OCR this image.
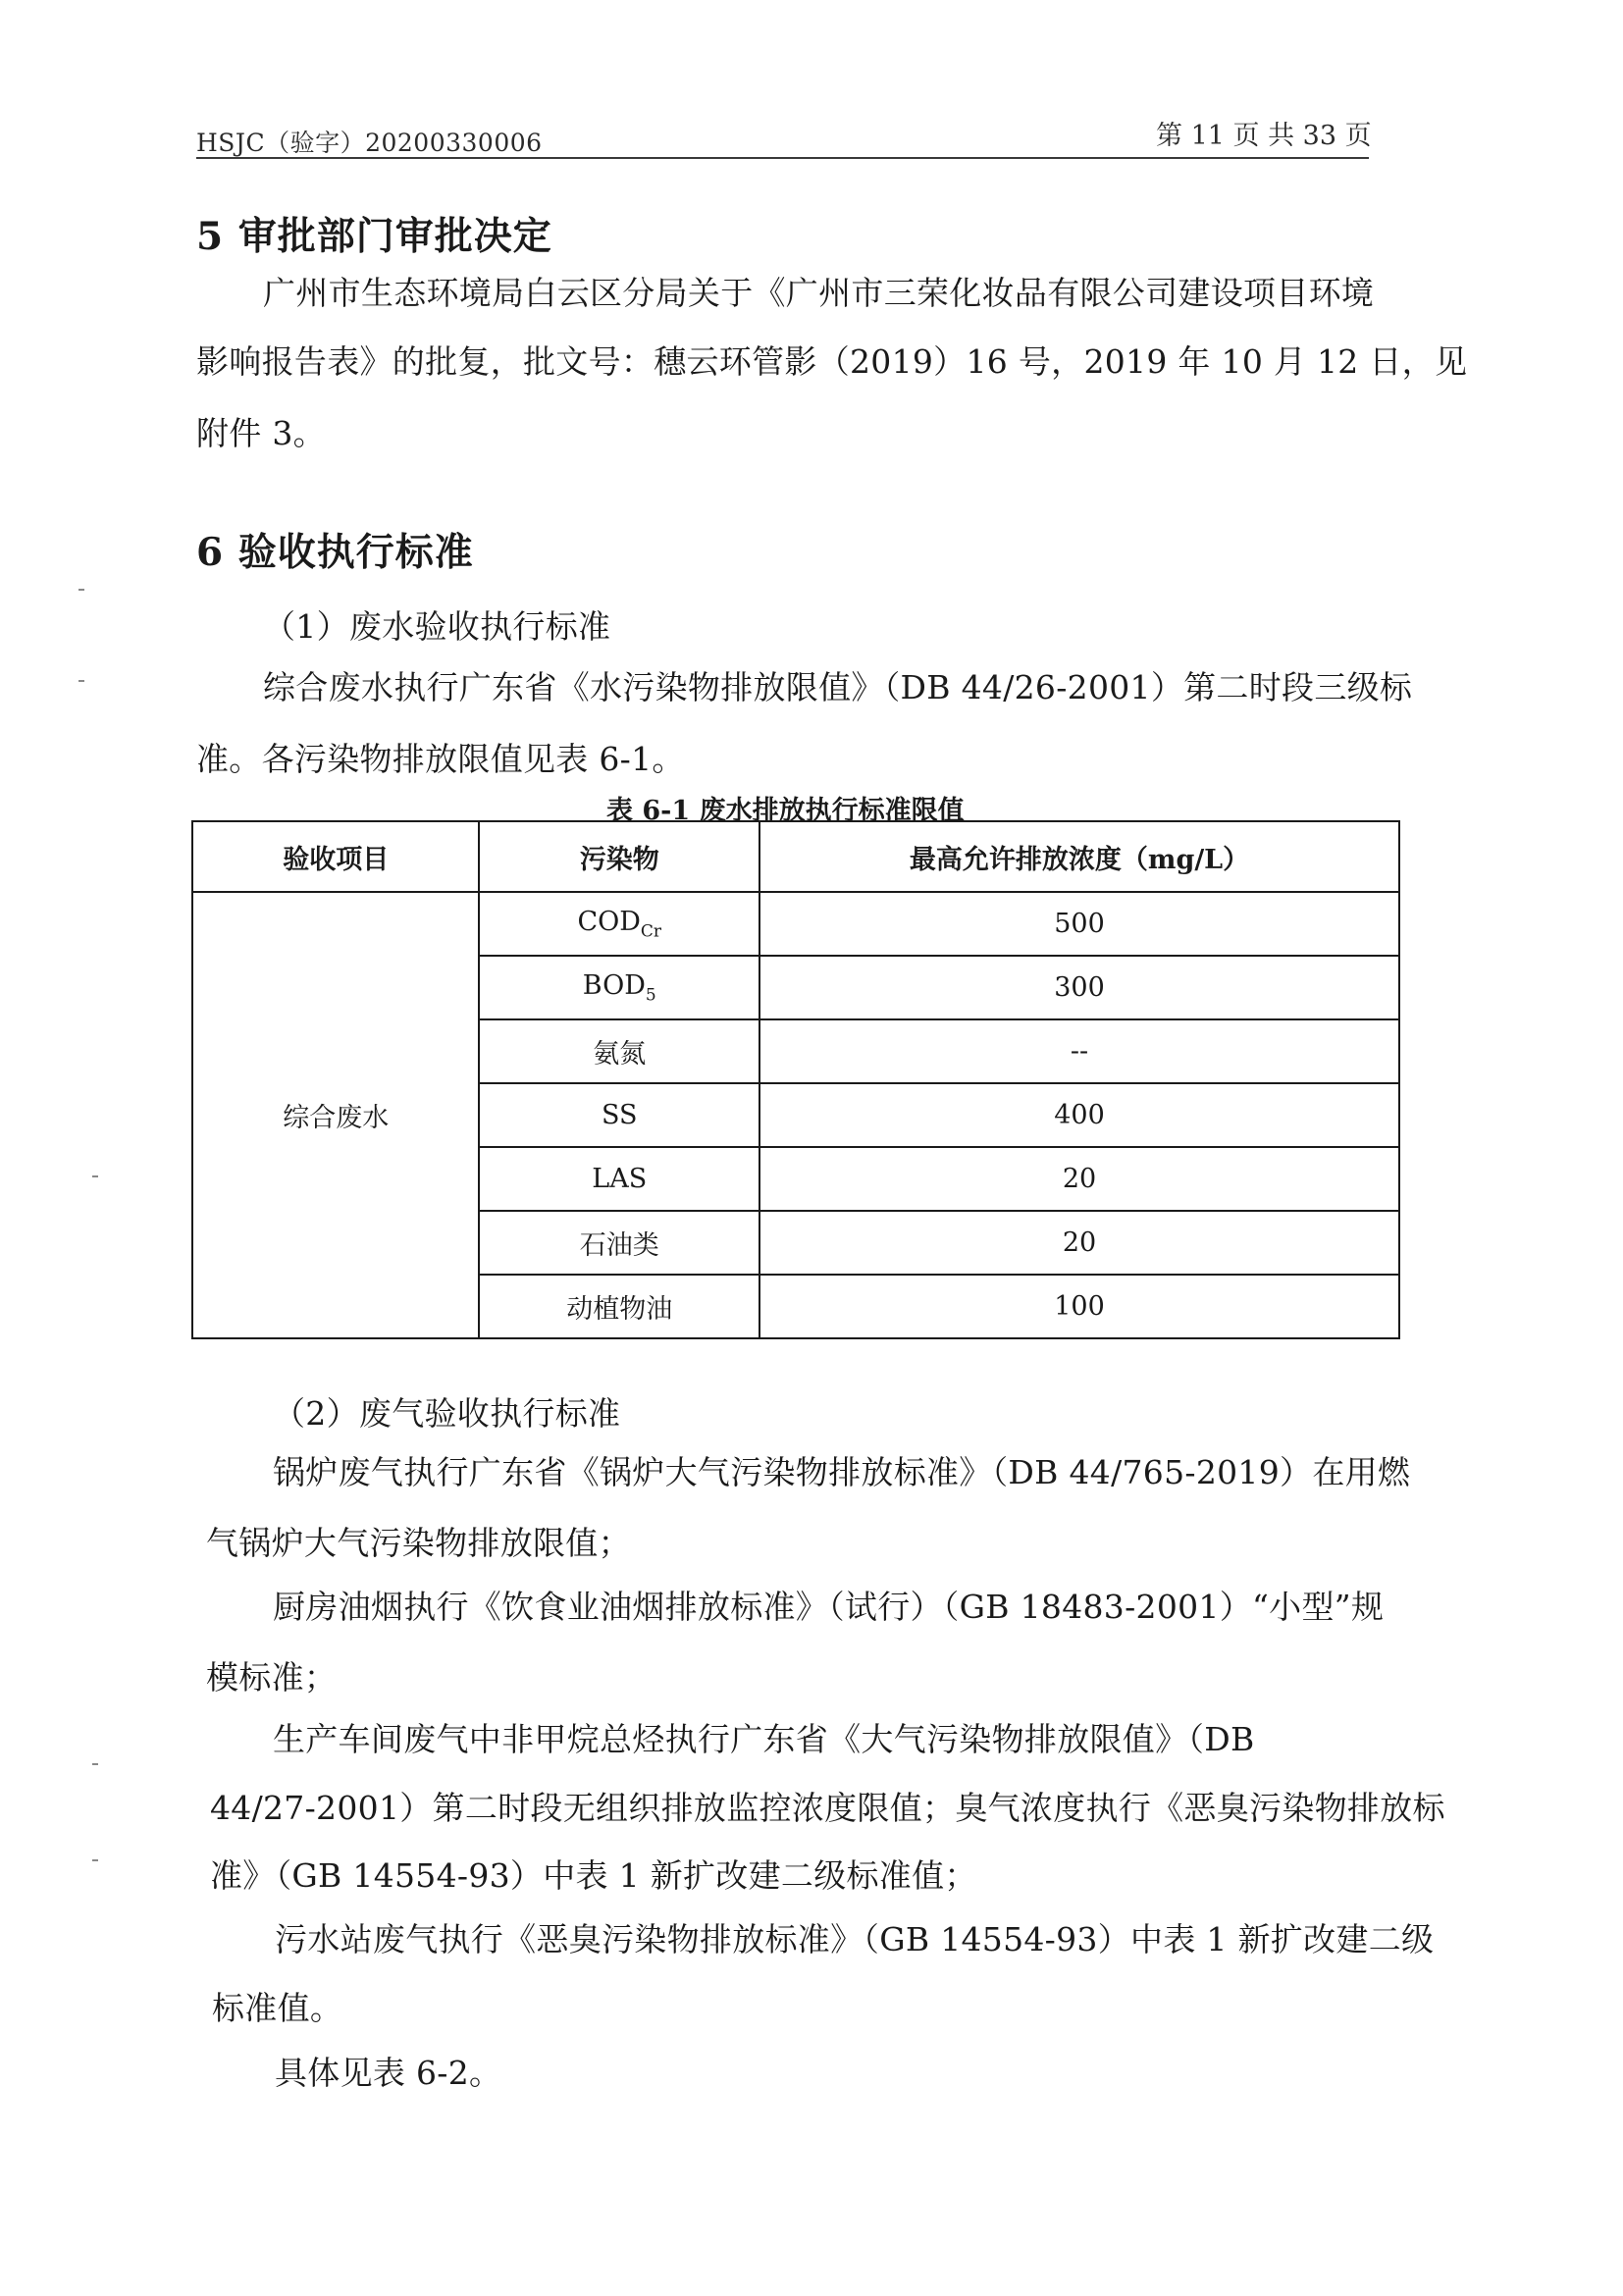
HSJC（验字）20200330006	第 11 页 共 33 页
5 审批部门审批决定
广州市生态环境局白云区分局关于《广州市三荣化妆品有限公司建设项目环境
影响报告表》的批复，批文号：穗云环管影（2019）16 号，2019 年 10 月 12 日，见
附件 3。
6 验收执行标准
（1）废水验收执行标准
综合废水执行广东省《水污染物排放限值》（DB 44/26-2001）第二时段三级标
准。各污染物排放限值见表 6-1。
表 6-1 废水排放执行标准限值
验收项目	污染物	最高允许排放浓度（mg/L）
综合废水	$COD_{Cr}$	500
	$BOD_5$	300
	氨氮	--
	SS	400
	LAS	20
	石油类	20
	动植物油	100
（2）废气验收执行标准
锅炉废气执行广东省《锅炉大气污染物排放标准》（DB 44/765-2019）在用燃
气锅炉大气污染物排放限值；
厨房油烟执行《饮食业油烟排放标准》（试行）（GB 18483-2001）“小型”规
模标准；
生产车间废气中非甲烷总烃执行广东省《大气污染物排放限值》（DB
44/27-2001）第二时段无组织排放监控浓度限值；臭气浓度执行《恶臭污染物排放标
准》（GB 14554-93）中表 1 新扩改建二级标准值；
污水站废气执行《恶臭污染物排放标准》（GB 14554-93）中表 1 新扩改建二级
标准值。
具体见表 6-2。
